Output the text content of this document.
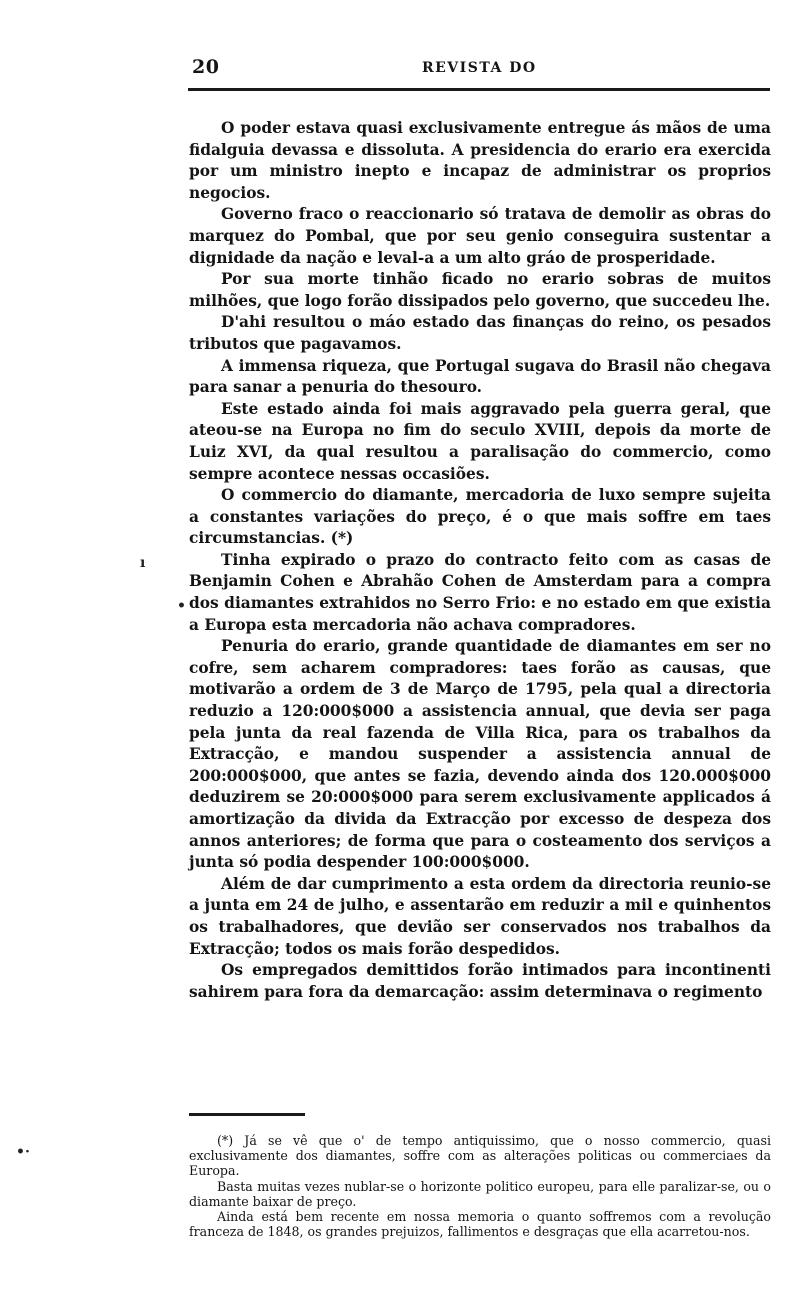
20	REVISTA DO

O poder estava quasi exclusivamente entregue ás mãos de uma fidalguia devassa e dissoluta. A presidencia do erario era exercida por um ministro inepto e incapaz de administrar os proprios negocios.

Governo fraco o reaccionario só tratava de demolir as obras do marquez do Pombal, que por seu genio conseguira sustentar a dignidade da nação e leval-a a um alto gráo de prosperidade.

Por sua morte tinhão ficado no erario sobras de muitos milhões, que logo forão dissipados pelo governo, que succedeu lhe.

D'ahi resultou o máo estado das finanças do reino, os pesados tributos que pagavamos.

A immensa riqueza, que Portugal sugava do Brasil não chegava para sanar a penuria do thesouro.

Este estado ainda foi mais aggravado pela guerra geral, que ateou-se na Europa no fim do seculo XVIII, depois da morte de Luiz XVI, da qual resultou a paralisação do commercio, como sempre acontece nessas occasiões.

O commercio do diamante, mercadoria de luxo sempre sujeita a constantes variações do preço, é o que mais soffre em taes circumstancias. (*)

Tinha expirado o prazo do contracto feito com as casas de Benjamin Cohen e Abrahão Cohen de Amsterdam para a compra dos diamantes extrahidos no Serro Frio: e no estado em que existia a Europa esta mercadoria não achava compradores.

Penuria do erario, grande quantidade de diamantes em ser no cofre, sem acharem compradores: taes forão as causas, que motivarão a ordem de 3 de Março de 1795, pela qual a directoria reduzio a 120:000$000 a assistencia annual, que devia ser paga pela junta da real fazenda de Villa Rica, para os trabalhos da Extracção, e mandou suspender a assistencia annual de 200:000$000, que antes se fazia, devendo ainda dos 120.000$000 deduzirem se 20:000$000 para serem exclusivamente applicados á amortização da divida da Extracção por excesso de despeza dos annos anteriores; de forma que para o costeamento dos serviços a junta só podia despender 100:000$000.

Além de dar cumprimento a esta ordem da directoria reunio-se a junta em 24 de julho, e assentarão em reduzir a mil e quinhentos os trabalhadores, que devião ser conservados nos trabalhos da Extracção; todos os mais forão despedidos.

Os empregados demittidos forão intimados para incontinenti sahirem para fora da demarcação: assim determinava o regimento

ı
•
•·

(*) Já se vê que o' de tempo antiquissimo, que o nosso commercio, quasi exclusivamente dos diamantes, soffre com as alterações politicas ou commerciaes da Europa.

Basta muitas vezes nublar-se o horizonte politico europeu, para elle paralizar-se, ou o diamante baixar de preço.

Ainda está bem recente em nossa memoria o quanto soffremos com a revolução franceza de 1848, os grandes prejuizos, fallimentos e desgraças que ella acarretou-nos.
